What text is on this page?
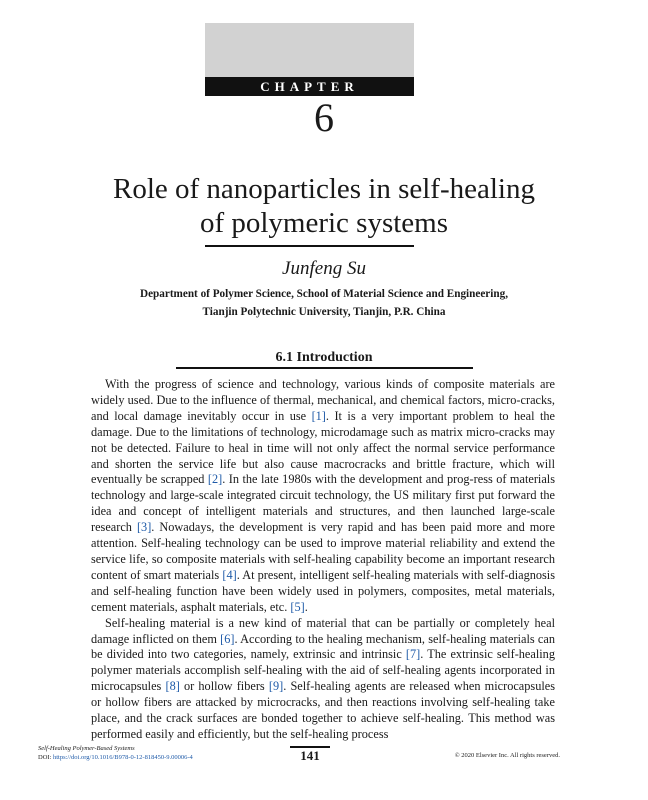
CHAPTER
6
Role of nanoparticles in self-healing
of polymeric systems
Junfeng Su
Department of Polymer Science, School of Material Science and Engineering,
Tianjin Polytechnic University, Tianjin, P.R. China
6.1 Introduction

With the progress of science and technology, various kinds of composite materials are widely used. Due to the influence of thermal, mechanical, and chemical factors, micro-cracks, and local damage inevitably occur in use [1]. It is a very important problem to heal the damage. Due to the limitations of technology, microdamage such as matrix micro-cracks may not be detected. Failure to heal in time will not only affect the normal service performance and shorten the service life but also cause macrocracks and brittle fracture, which will eventually be scrapped [2]. In the late 1980s with the development and prog-ress of materials technology and large-scale integrated circuit technology, the US military first put forward the idea and concept of intelligent materials and structures, and then launched large-scale research [3]. Nowadays, the development is very rapid and has been paid more and more attention. Self-healing technology can be used to improve material reliability and extend the service life, so composite materials with self-healing capability become an important research content of smart materials [4]. At present, intelligent self-healing materials with self-diagnosis and self-healing function have been widely used in polymers, composites, metal materials, cement materials, asphalt materials, etc. [5].

Self-healing material is a new kind of material that can be partially or completely heal damage inflicted on them [6]. According to the healing mechanism, self-healing materials can be divided into two categories, namely, extrinsic and intrinsic [7]. The extrinsic self-healing polymer materials accomplish self-healing with the aid of self-healing agents incorporated in microcapsules [8] or hollow fibers [9]. Self-healing agents are released when microcapsules or hollow fibers are attacked by microcracks, and then reactions involving self-healing take place, and the crack surfaces are bonded together to achieve self-healing. This method was performed easily and efficiently, but the self-healing process

Self-Healing Polymer-Based Systems
DOI: https://doi.org/10.1016/B978-0-12-818450-9.00006-4	141	© 2020 Elsevier Inc. All rights reserved.
